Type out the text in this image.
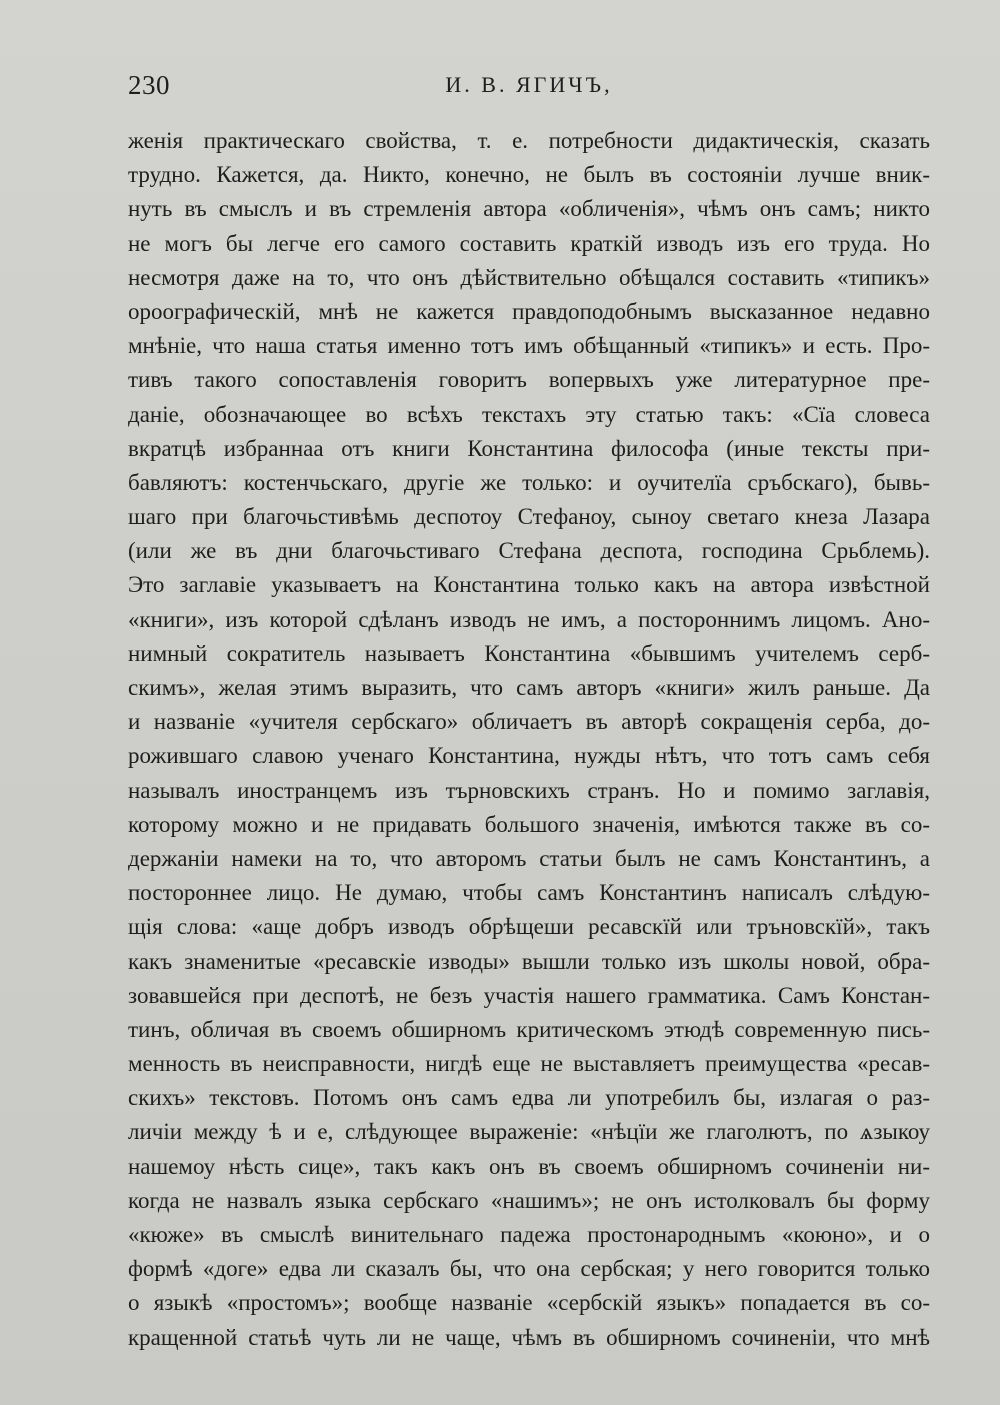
230	И. В. ЯГИЧЪ,
женія практическаго свойства, т. е. потребности дидактическія, сказать
трудно. Кажется, да. Никто, конечно, не былъ въ состояніи лучше вник-
нуть въ смыслъ и въ стремленія автора «обличенія», чѣмъ онъ самъ; никто
не могъ бы легче его самого составить краткій изводъ изъ его труда. Но
несмотря даже на то, что онъ дѣйствительно обѣщался составить «типикъ»
ороографическій, мнѣ не кажется правдоподобнымъ высказанное недавно
мнѣніе, что наша статья именно тотъ имъ обѣщанный «типикъ» и есть. Про-
тивъ такого сопоставленія говоритъ вопервыхъ уже литературное пре-
даніе, обозначающее во всѣхъ текстахъ эту статью такъ: «Сїа словеса
вкратцѣ избраннаа отъ книги Константина философа (иные тексты при-
бавляютъ: костенчьскаго, другіе же только: и оучителїа сръбскаго), бывь-
шаго при благочьстивѣмь деспотоу Стефаноу, сыноу светаго кнеза Лазара
(или же въ дни благочьстиваго Стефана деспота, господина Срьблемь).
Это заглавіе указываетъ на Константина только какъ на автора извѣстной
«книги», изъ которой сдѣланъ изводъ не имъ, а постороннимъ лицомъ. Ано-
нимный сократитель называетъ Константина «бывшимъ учителемъ серб-
скимъ», желая этимъ выразить, что самъ авторъ «книги» жилъ раньше. Да
и названіе «учителя сербскаго» обличаетъ въ авторѣ сокращенія серба, до-
рожившаго славою ученаго Константина, нужды нѣтъ, что тотъ самъ себя
называлъ иностранцемъ изъ търновскихъ странъ. Но и помимо заглавія,
которому можно и не придавать большого значенія, имѣются также въ со-
держаніи намеки на то, что авторомъ статьи былъ не самъ Константинъ, а
постороннее лицо. Не думаю, чтобы самъ Константинъ написалъ слѣдую-
щія слова: «аще добръ изводъ обрѣщеши ресавскїй или тръновскїй», такъ
какъ знаменитые «ресавскіе изводы» вышли только изъ школы новой, обра-
зовавшейся при деспотѣ, не безъ участія нашего грамматика. Самъ Констан-
тинъ, обличая въ своемъ обширномъ критическомъ этюдѣ современную пись-
менность въ неисправности, нигдѣ еще не выставляетъ преимущества «ресав-
скихъ» текстовъ. Потомъ онъ самъ едва ли употребилъ бы, излагая о раз-
личіи между ѣ и е, слѣдующее выраженіе: «нѣцїи же глаголютъ, по ѧзыкоу
нашемоу нѣсть сице», такъ какъ онъ въ своемъ обширномъ сочиненіи ни-
когда не назвалъ языка сербскаго «нашимъ»; не онъ истолковалъ бы форму
«кюже» въ смыслѣ винительнаго падежа простонароднымъ «коюно», и о
формѣ «доге» едва ли сказалъ бы, что она сербская; у него говорится только
о языкѣ «простомъ»; вообще названіе «сербскій языкъ» попадается въ со-
кращенной статьѣ чуть ли не чаще, чѣмъ въ обширномъ сочиненіи, что мнѣ
